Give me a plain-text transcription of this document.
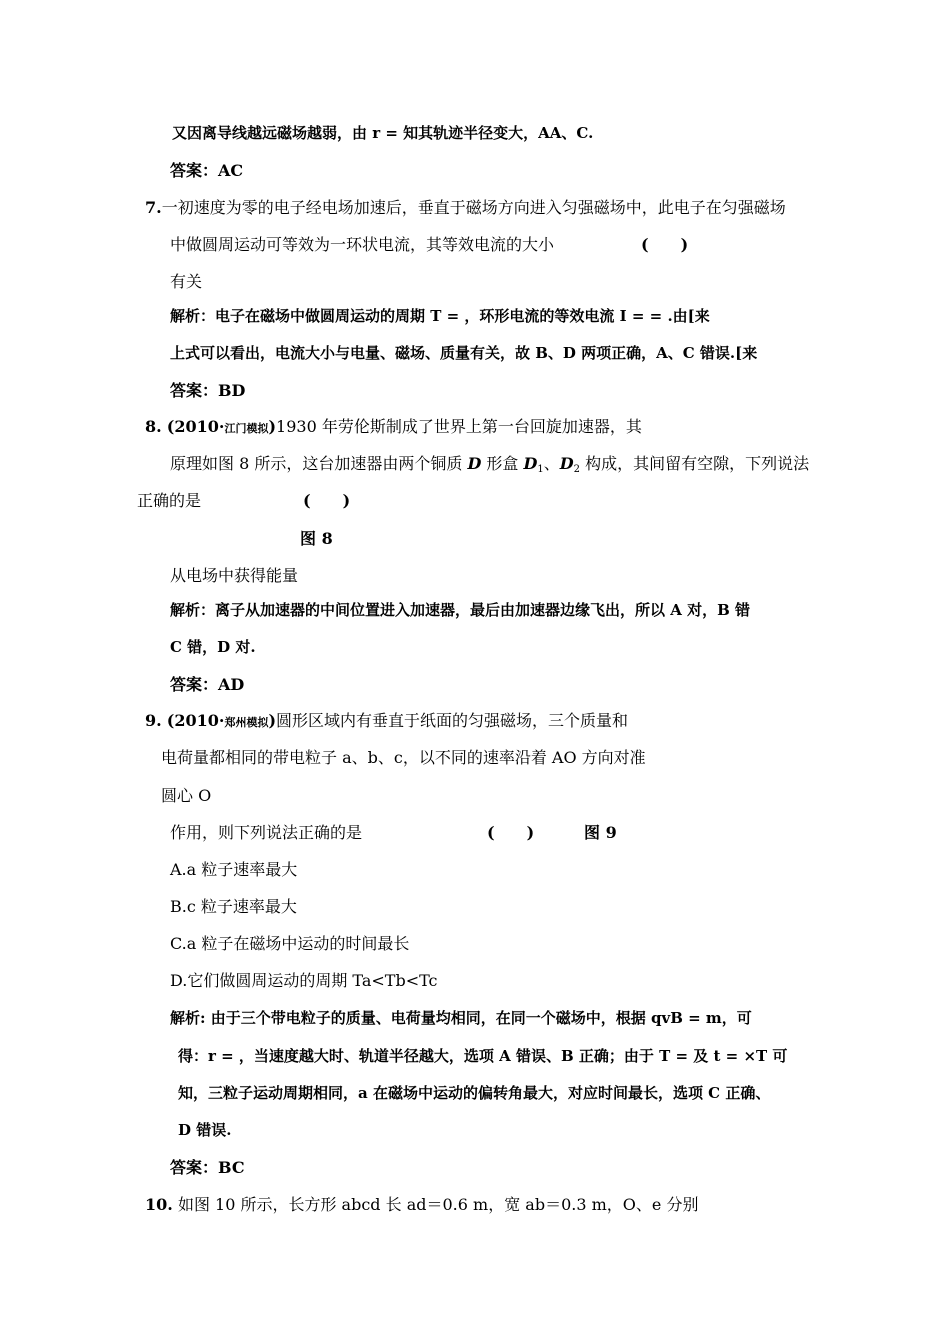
又因离导线越远磁场越弱，由 r = 知其轨迹半径变大，AA、C.
答案：AC
7.一初速度为零的电子经电场加速后，垂直于磁场方向进入匀强磁场中，此电子在匀强磁场
中做圆周运动可等效为一环状电流，其等效电流的大小	(　　)
有关
解析：电子在磁场中做圆周运动的周期 T = ，环形电流的等效电流 I = = .由[来
上式可以看出，电流大小与电量、磁场、质量有关，故 B、D 两项正确，A、C 错误.[来
答案：BD
8. (2010·江门模拟)1930 年劳伦斯制成了世界上第一台回旋加速器，其
原理如图 8 所示，这台加速器由两个铜质 D 形盒 $D_1$、$D_2$ 构成，其间留有空隙，下列说法
正确的是	(　　)
图 8
从电场中获得能量
解析：离子从加速器的中间位置进入加速器，最后由加速器边缘飞出，所以 A 对，B 错
C 错，D 对.
答案：AD
9. (2010·郑州模拟)圆形区域内有垂直于纸面的匀强磁场，三个质量和
电荷量都相同的带电粒子 a、b、c，以不同的速率沿着 AO 方向对准
圆心 O
作用，则下列说法正确的是	(　　)	图 9
A.a 粒子速率最大
B.c 粒子速率最大
C.a 粒子在磁场中运动的时间最长
D.它们做圆周运动的周期 Ta<Tb<Tc
解析: 由于三个带电粒子的质量、电荷量均相同，在同一个磁场中，根据 qvB = m，可
得：r = ，当速度越大时、轨道半径越大，选项 A 错误、B 正确；由于 T = 及 t = ×T 可
知，三粒子运动周期相同，a 在磁场中运动的偏转角最大，对应时间最长，选项 C 正确、
D 错误.
答案：BC
10. 如图 10 所示，长方形 abcd 长 ad＝0.6 m，宽 ab＝0.3 m，O、e 分别
